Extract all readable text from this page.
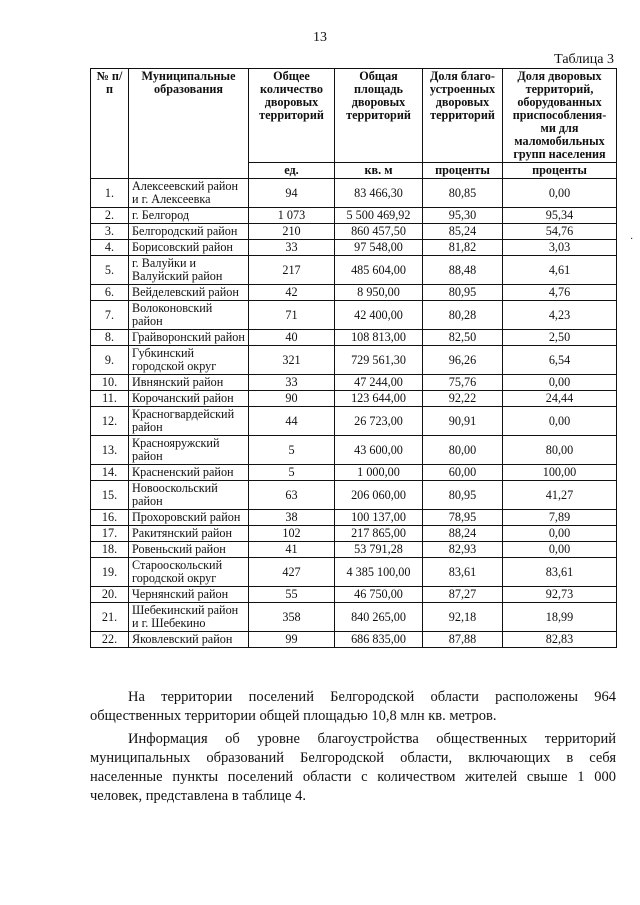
13
Таблица 3
·
№ п/п	Муниципальные образования	Общее количество дворовых территорий	Общая площадь дворовых территорий	Доля благо-устроенных дворовых территорий	Доля дворовых территорий, оборудованных приспособления-ми для маломобильных групп населения
		ед.	кв. м	проценты	проценты
1.	Алексеевский район и г. Алексеевка	94	83 466,30	80,85	0,00
2.	г. Белгород	1 073	5 500 469,92	95,30	95,34
3.	Белгородский район	210	860 457,50	85,24	54,76
4.	Борисовский район	33	97 548,00	81,82	3,03
5.	г. Валуйки и Валуйский район	217	485 604,00	88,48	4,61
6.	Вейделевский район	42	8 950,00	80,95	4,76
7.	Волоконовский район	71	42 400,00	80,28	4,23
8.	Грайворонский район	40	108 813,00	82,50	2,50
9.	Губкинский городской округ	321	729 561,30	96,26	6,54
10.	Ивнянский район	33	47 244,00	75,76	0,00
11.	Корочанский район	90	123 644,00	92,22	24,44
12.	Красногвардейский район	44	26 723,00	90,91	0,00
13.	Краснояружский район	5	43 600,00	80,00	80,00
14.	Красненский район	5	1 000,00	60,00	100,00
15.	Новооскольский район	63	206 060,00	80,95	41,27
16.	Прохоровский район	38	100 137,00	78,95	7,89
17.	Ракитянский район	102	217 865,00	88,24	0,00
18.	Ровеньский район	41	53 791,28	82,93	0,00
19.	Старооскольский городской округ	427	4 385 100,00	83,61	83,61
20.	Чернянский район	55	46 750,00	87,27	92,73
21.	Шебекинский район и г. Шебекино	358	840 265,00	92,18	18,99
22.	Яковлевский район	99	686 835,00	87,88	82,83

На территории поселений Белгородской области расположены 964 общественных территории общей площадью 10,8 млн кв. метров.

Информация об уровне благоустройства общественных территорий муниципальных образований Белгородской области, включающих в себя населенные пункты поселений области с количеством жителей свыше 1 000 человек, представлена в таблице 4.
